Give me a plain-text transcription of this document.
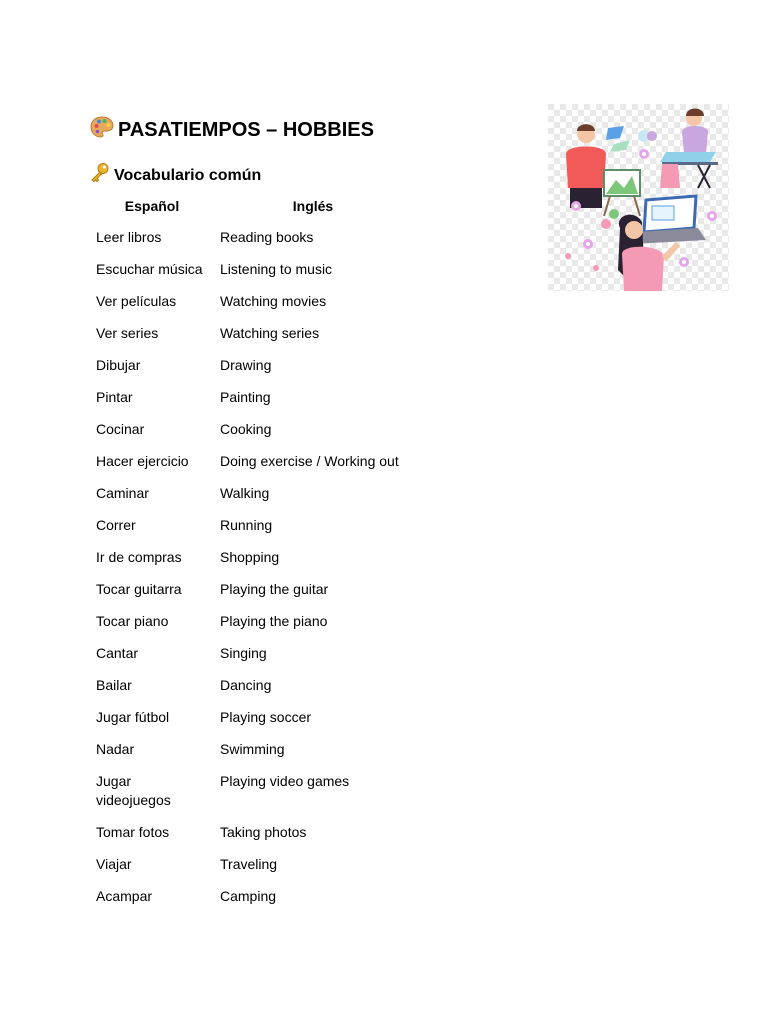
PASATIEMPOS – HOBBIES
Vocabulario común
Español	Inglés
Leer libros	Reading books
Escuchar música	Listening to music
Ver películas	Watching movies
Ver series	Watching series
Dibujar	Drawing
Pintar	Painting
Cocinar	Cooking
Hacer ejercicio	Doing exercise / Working out
Caminar	Walking
Correr	Running
Ir de compras	Shopping
Tocar guitarra	Playing the guitar
Tocar piano	Playing the piano
Cantar	Singing
Bailar	Dancing
Jugar fútbol	Playing soccer
Nadar	Swimming
Jugar videojuegos	Playing video games
Tomar fotos	Taking photos
Viajar	Traveling
Acampar	Camping
